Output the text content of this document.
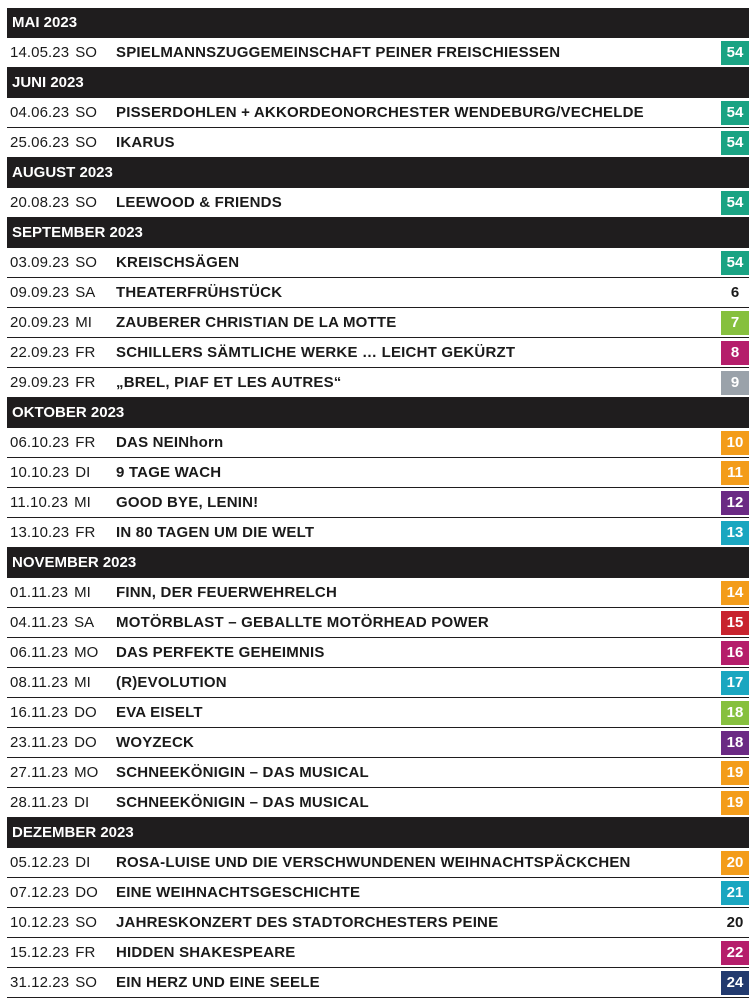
MAI 2023
14.05.23 SO SPIELMANNSZUGGEMEINSCHAFT PEINER FREISCHIESSEN	54
JUNI 2023
04.06.23 SO PISSERDOHLEN + AKKORDEONORCHESTER WENDEBURG/VECHELDE	54
25.06.23 SO IKARUS	54
AUGUST 2023
20.08.23 SO LEEWOOD & FRIENDS	54
SEPTEMBER 2023
03.09.23 SO KREISCHSÄGEN	54
09.09.23 SA THEATERFRÜHSTÜCK	6
20.09.23 MI ZAUBERER CHRISTIAN DE LA MOTTE	7
22.09.23 FR SCHILLERS SÄMTLICHE WERKE … LEICHT GEKÜRZT	8
29.09.23 FR „BREL, PIAF ET LES AUTRES“	9
OKTOBER 2023
06.10.23 FR DAS NEINhorn	10
10.10.23 DI 9 TAGE WACH	11
11.10.23 MI GOOD BYE, LENIN!	12
13.10.23 FR IN 80 TAGEN UM DIE WELT	13
NOVEMBER 2023
01.11.23 MI FINN, DER FEUERWEHRELCH	14
04.11.23 SA MOTÖRBLAST – GEBALLTE MOTÖRHEAD POWER	15
06.11.23 MO DAS PERFEKTE GEHEIMNIS	16
08.11.23 MI (R)EVOLUTION	17
16.11.23 DO EVA EISELT	18
23.11.23 DO WOYZECK	18
27.11.23 MO SCHNEEKÖNIGIN – DAS MUSICAL	19
28.11.23 DI SCHNEEKÖNIGIN – DAS MUSICAL	19
DEZEMBER 2023
05.12.23 DI ROSA-LUISE UND DIE VERSCHWUNDENEN WEIHNACHTSPÄCKCHEN	20
07.12.23 DO EINE WEIHNACHTSGESCHICHTE	21
10.12.23 SO JAHRESKONZERT DES STADTORCHESTERS PEINE	20
15.12.23 FR HIDDEN SHAKESPEARE	22
31.12.23 SO EIN HERZ UND EINE SEELE	24
